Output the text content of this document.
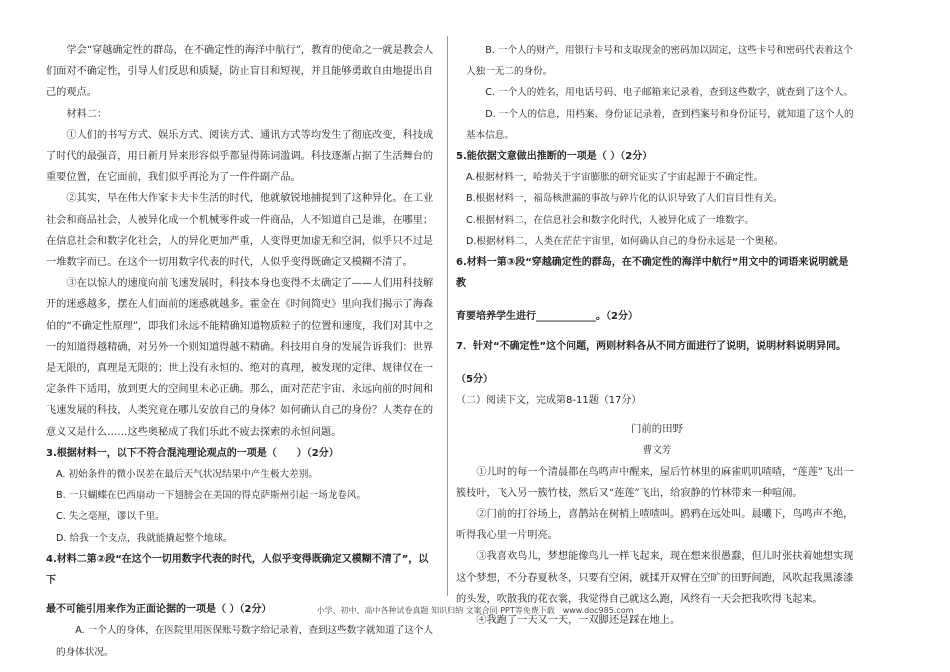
学会“穿越确定性的群岛，在不确定性的海洋中航行”，教育的使命之一就是教会人们面对不确定性，引导人们反思和质疑，防止盲目和短视，并且能够勇敢自由地提出自己的观点。

材料二：

①人们的书写方式、娱乐方式、阅读方式、通讯方式等均发生了彻底改变，科技成了时代的最强音，用日新月异来形容似乎都显得陈词滥调。科技逐渐占据了生活舞台的重要位置，在它面前，我们似乎再沦为了一件件副产品。

②其实，早在伟大作家卡夫卡生活的时代，他就敏锐地捕捉到了这种异化。在工业社会和商品社会，人被异化成一个机械零件或一件商品，人不知道自己是谁，在哪里；在信息社会和数字化社会，人的异化更加严重，人变得更加虚无和空洞，似乎只不过是一堆数字而已。在这个一切用数字代表的时代，人似乎变得既确定又模糊不清了。

③在以惊人的速度向前飞速发展时，科技本身也变得不太确定了——人们用科技解开的迷惑越多，摆在人们面前的迷惑就越多。霍金在《时间简史》里向我们揭示了海森伯的“不确定性原理”，即我们永远不能精确知道物质粒子的位置和速度，我们对其中之一的知道得越精确，对另外一个则知道得越不精确。科技用自身的发展告诉我们：世界是无限的，真理是无限的；世上没有永恒的、绝对的真理，被发现的定律、规律仅在一定条件下适用，放到更大的空间里未必正确。那么，面对茫茫宇宙、永远向前的时间和飞速发展的科技，人类究竟在哪儿安放自己的身体？如何确认自己的身份？人类存在的意义又是什么……这些奥秘成了我们乐此不疲去探索的永恒问题。

3.根据材料一，以下不符合混沌理论观点的一项是（　　）（2分）

A. 初始条件的微小误差在最后天气状况结果中产生极大差别。

B. 一只蝴蝶在巴西扇动一下翅膀会在美国的得克萨斯州引起一场龙卷风。

C. 失之毫厘，谬以千里。

D. 给我一个支点，我就能撬起整个地球。

4.材料二第②段“在这个一切用数字代表的时代，人似乎变得既确定又模糊不清了”，以下

最不可能引用来作为正面论据的一项是（ ）（2分）

A. 一个人的身体，在医院里用医保账号数字给记录着，查到这些数字就知道了这个人的身体状况。

B. 一个人的财产，用银行卡号和支取现金的密码加以固定，这些卡号和密码代表着这个人独一无二的身份。

C. 一个人的姓名，用电话号码、电子邮箱来记录着，查到这些数字，就查到了这个人。

D. 一个人的信息，用档案、身份证记录着，查到档案号和身份证号，就知道了这个人的基本信息。

5.能依据文意做出推断的一项是（ ）（2分）

A.根据材料一，哈勃关于宇宙膨胀的研究证实了宇宙起源于不确定性。

B.根据材料一，福岛核泄漏的事故与碎片化的认识导致了人们盲目性有关。

C.根据材料二，在信息社会和数字化时代，人被异化成了一堆数字。

D.根据材料二，人类在茫茫宇宙里，如何确认自己的身份永远是一个奥秘。

6.材料一第③段“穿越确定性的群岛，在不确定性的海洋中航行”用文中的词语来说明就是教

育要培养学生进行____________。（2分）

7．针对“不确定性”这个问题，两则材料各从不同方面进行了说明，说明材料说明异同。

（5分）

（二）阅读下文，完成第8-11题（17分）

门前的田野

曹文芳

①儿时的每一个清晨都在鸟鸣声中醒来，屋后竹林里的麻雀叽叽喳喳，“莲莲”飞出一簇枝叶，飞入另一簇竹枝，然后又“莲莲”飞出，给寂静的竹林带来一种喧闹。

②门前的打谷场上，喜鹊站在树梢上喳喳叫。鸥鸦在远处叫。晨曦下，鸟鸣声不绝，听得我心里一片明亮。

③我喜欢鸟儿，梦想能像鸟儿一样飞起来，现在想来很愚蠢，但儿时张扶着她想实现这个梦想，不分春夏秋冬，只要有空闲，就揉开双臂在空旷的田野间跑，风吹起我黑漆漆的头发，吹散我的花衣裳，我觉得自己就这么跑，风终有一天会把我吹得飞起来。

④我跑了一天又一天，一双脚还是踩在地上。

小学、初中、高中各种试卷真题 知识归纳 文案合同 PPT等免费下载　www.doc985.com
